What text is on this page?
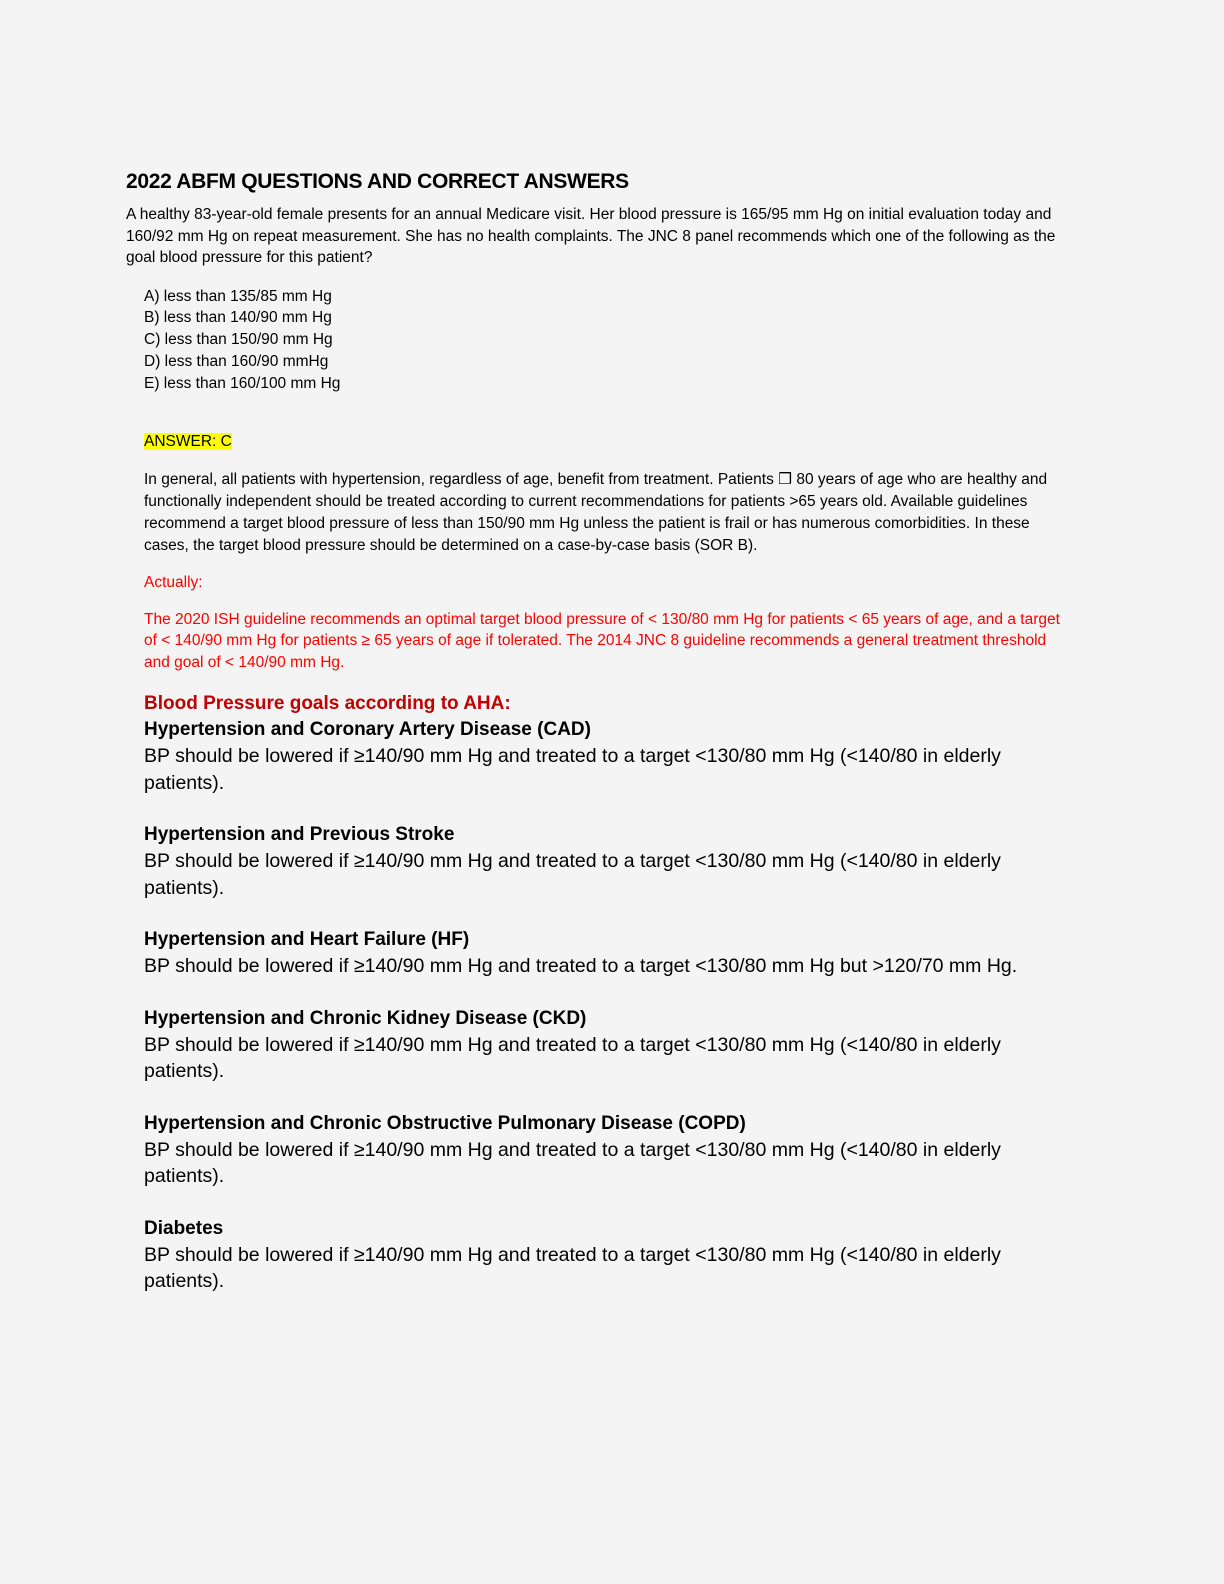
2022 ABFM QUESTIONS AND CORRECT ANSWERS
A healthy 83-year-old female presents for an annual Medicare visit. Her blood pressure is 165/95 mm Hg on initial evaluation today and 160/92 mm Hg on repeat measurement. She has no health complaints. The JNC 8 panel recommends which one of the following as the goal blood pressure for this patient?
A) less than 135/85 mm Hg
B) less than 140/90 mm Hg
C) less than 150/90 mm Hg
D) less than 160/90 mmHg
E) less than 160/100 mm Hg
ANSWER: C
In general, all patients with hypertension, regardless of age, benefit from treatment. Patients ❒ 80 years of age who are healthy and functionally independent should be treated according to current recommendations for patients >65 years old. Available guidelines recommend a target blood pressure of less than 150/90 mm Hg unless the patient is frail or has numerous comorbidities. In these cases, the target blood pressure should be determined on a case-by-case basis (SOR B).
Actually:
The 2020 ISH guideline recommends an optimal target blood pressure of < 130/80 mm Hg for patients < 65 years of age, and a target of < 140/90 mm Hg for patients ≥ 65 years of age if tolerated. The 2014 JNC 8 guideline recommends a general treatment threshold and goal of < 140/90 mm Hg.
Blood Pressure goals according to AHA:
Hypertension and Coronary Artery Disease (CAD)
BP should be lowered if ≥140/90 mm Hg and treated to a target <130/80 mm Hg (<140/80 in elderly patients).
Hypertension and Previous Stroke
BP should be lowered if ≥140/90 mm Hg and treated to a target <130/80 mm Hg (<140/80 in elderly patients).
Hypertension and Heart Failure (HF)
BP should be lowered if ≥140/90 mm Hg and treated to a target <130/80 mm Hg but >120/70 mm Hg.
Hypertension and Chronic Kidney Disease (CKD)
BP should be lowered if ≥140/90 mm Hg and treated to a target <130/80 mm Hg (<140/80 in elderly patients).
Hypertension and Chronic Obstructive Pulmonary Disease (COPD)
BP should be lowered if ≥140/90 mm Hg and treated to a target <130/80 mm Hg (<140/80 in elderly patients).
Diabetes
BP should be lowered if ≥140/90 mm Hg and treated to a target <130/80 mm Hg (<140/80 in elderly patients).
